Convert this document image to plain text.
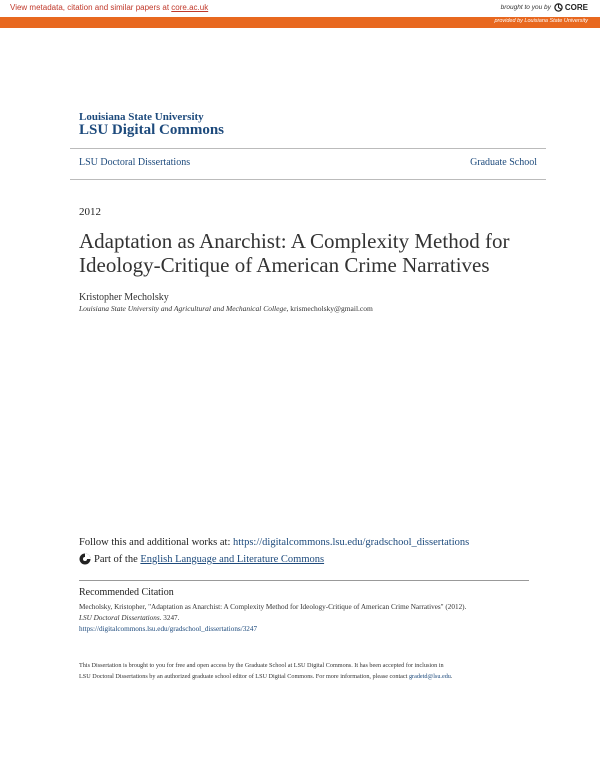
View metadata, citation and similar papers at core.ac.uk	brought to you by CORE
provided by Louisiana State University
Louisiana State University
LSU Digital Commons
LSU Doctoral Dissertations	Graduate School
2012
Adaptation as Anarchist: A Complexity Method for Ideology-Critique of American Crime Narratives
Kristopher Mecholsky
Louisiana State University and Agricultural and Mechanical College, krismecholsky@gmail.com
Follow this and additional works at: https://digitalcommons.lsu.edu/gradschool_dissertations
Part of the English Language and Literature Commons
Recommended Citation
Mecholsky, Kristopher, "Adaptation as Anarchist: A Complexity Method for Ideology-Critique of American Crime Narratives" (2012).
LSU Doctoral Dissertations. 3247.
https://digitalcommons.lsu.edu/gradschool_dissertations/3247
This Dissertation is brought to you for free and open access by the Graduate School at LSU Digital Commons. It has been accepted for inclusion in
LSU Doctoral Dissertations by an authorized graduate school editor of LSU Digital Commons. For more information, please contact gradetd@lsu.edu.
